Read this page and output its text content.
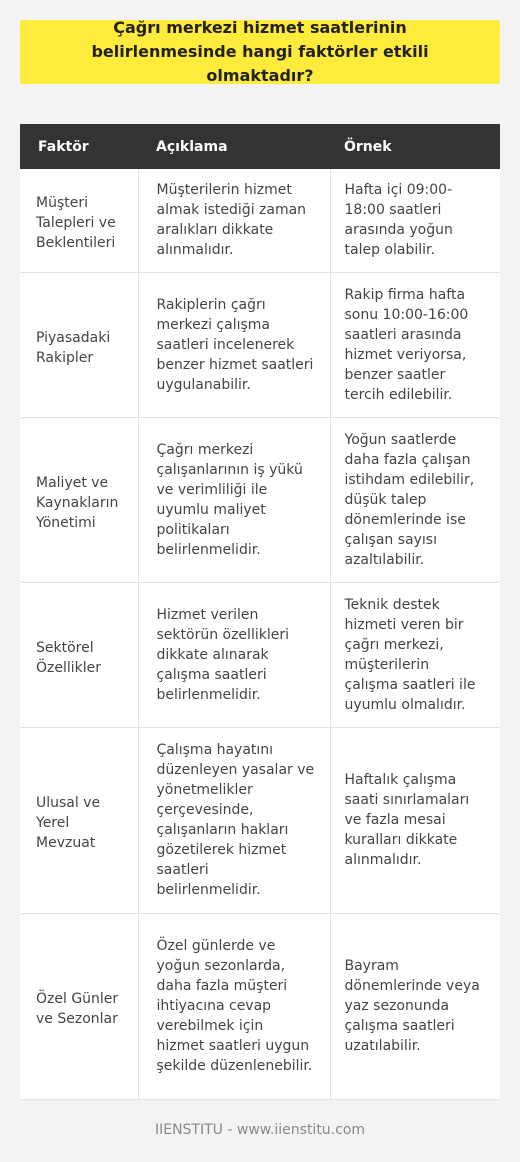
Çağrı merkezi hizmet saatlerinin belirlenmesinde hangi faktörler etkili olmaktadır?
Faktör	Açıklama	Örnek
Müşteri Talepleri ve Beklentileri	Müşterilerin hizmet almak istediği zaman aralıkları dikkate alınmalıdır.	Hafta içi 09:00-18:00 saatleri arasında yoğun talep olabilir.
Piyasadaki Rakipler	Rakiplerin çağrı merkezi çalışma saatleri incelenerek benzer hizmet saatleri uygulanabilir.	Rakip firma hafta sonu 10:00-16:00 saatleri arasında hizmet veriyorsa, benzer saatler tercih edilebilir.
Maliyet ve Kaynakların Yönetimi	Çağrı merkezi çalışanlarının iş yükü ve verimliliği ile uyumlu maliyet politikaları belirlenmelidir.	Yoğun saatlerde daha fazla çalışan istihdam edilebilir, düşük talep dönemlerinde ise çalışan sayısı azaltılabilir.
Sektörel Özellikler	Hizmet verilen sektörün özellikleri dikkate alınarak çalışma saatleri belirlenmelidir.	Teknik destek hizmeti veren bir çağrı merkezi, müşterilerin çalışma saatleri ile uyumlu olmalıdır.
Ulusal ve Yerel Mevzuat	Çalışma hayatını düzenleyen yasalar ve yönetmelikler çerçevesinde, çalışanların hakları gözetilerek hizmet saatleri belirlenmelidir.	Haftalık çalışma saati sınırlamaları ve fazla mesai kuralları dikkate alınmalıdır.
Özel Günler ve Sezonlar	Özel günlerde ve yoğun sezonlarda, daha fazla müşteri ihtiyacına cevap verebilmek için hizmet saatleri uygun şekilde düzenlenebilir.	Bayram dönemlerinde veya yaz sezonunda çalışma saatleri uzatılabilir.
IIENSTITU - www.iienstitu.com
